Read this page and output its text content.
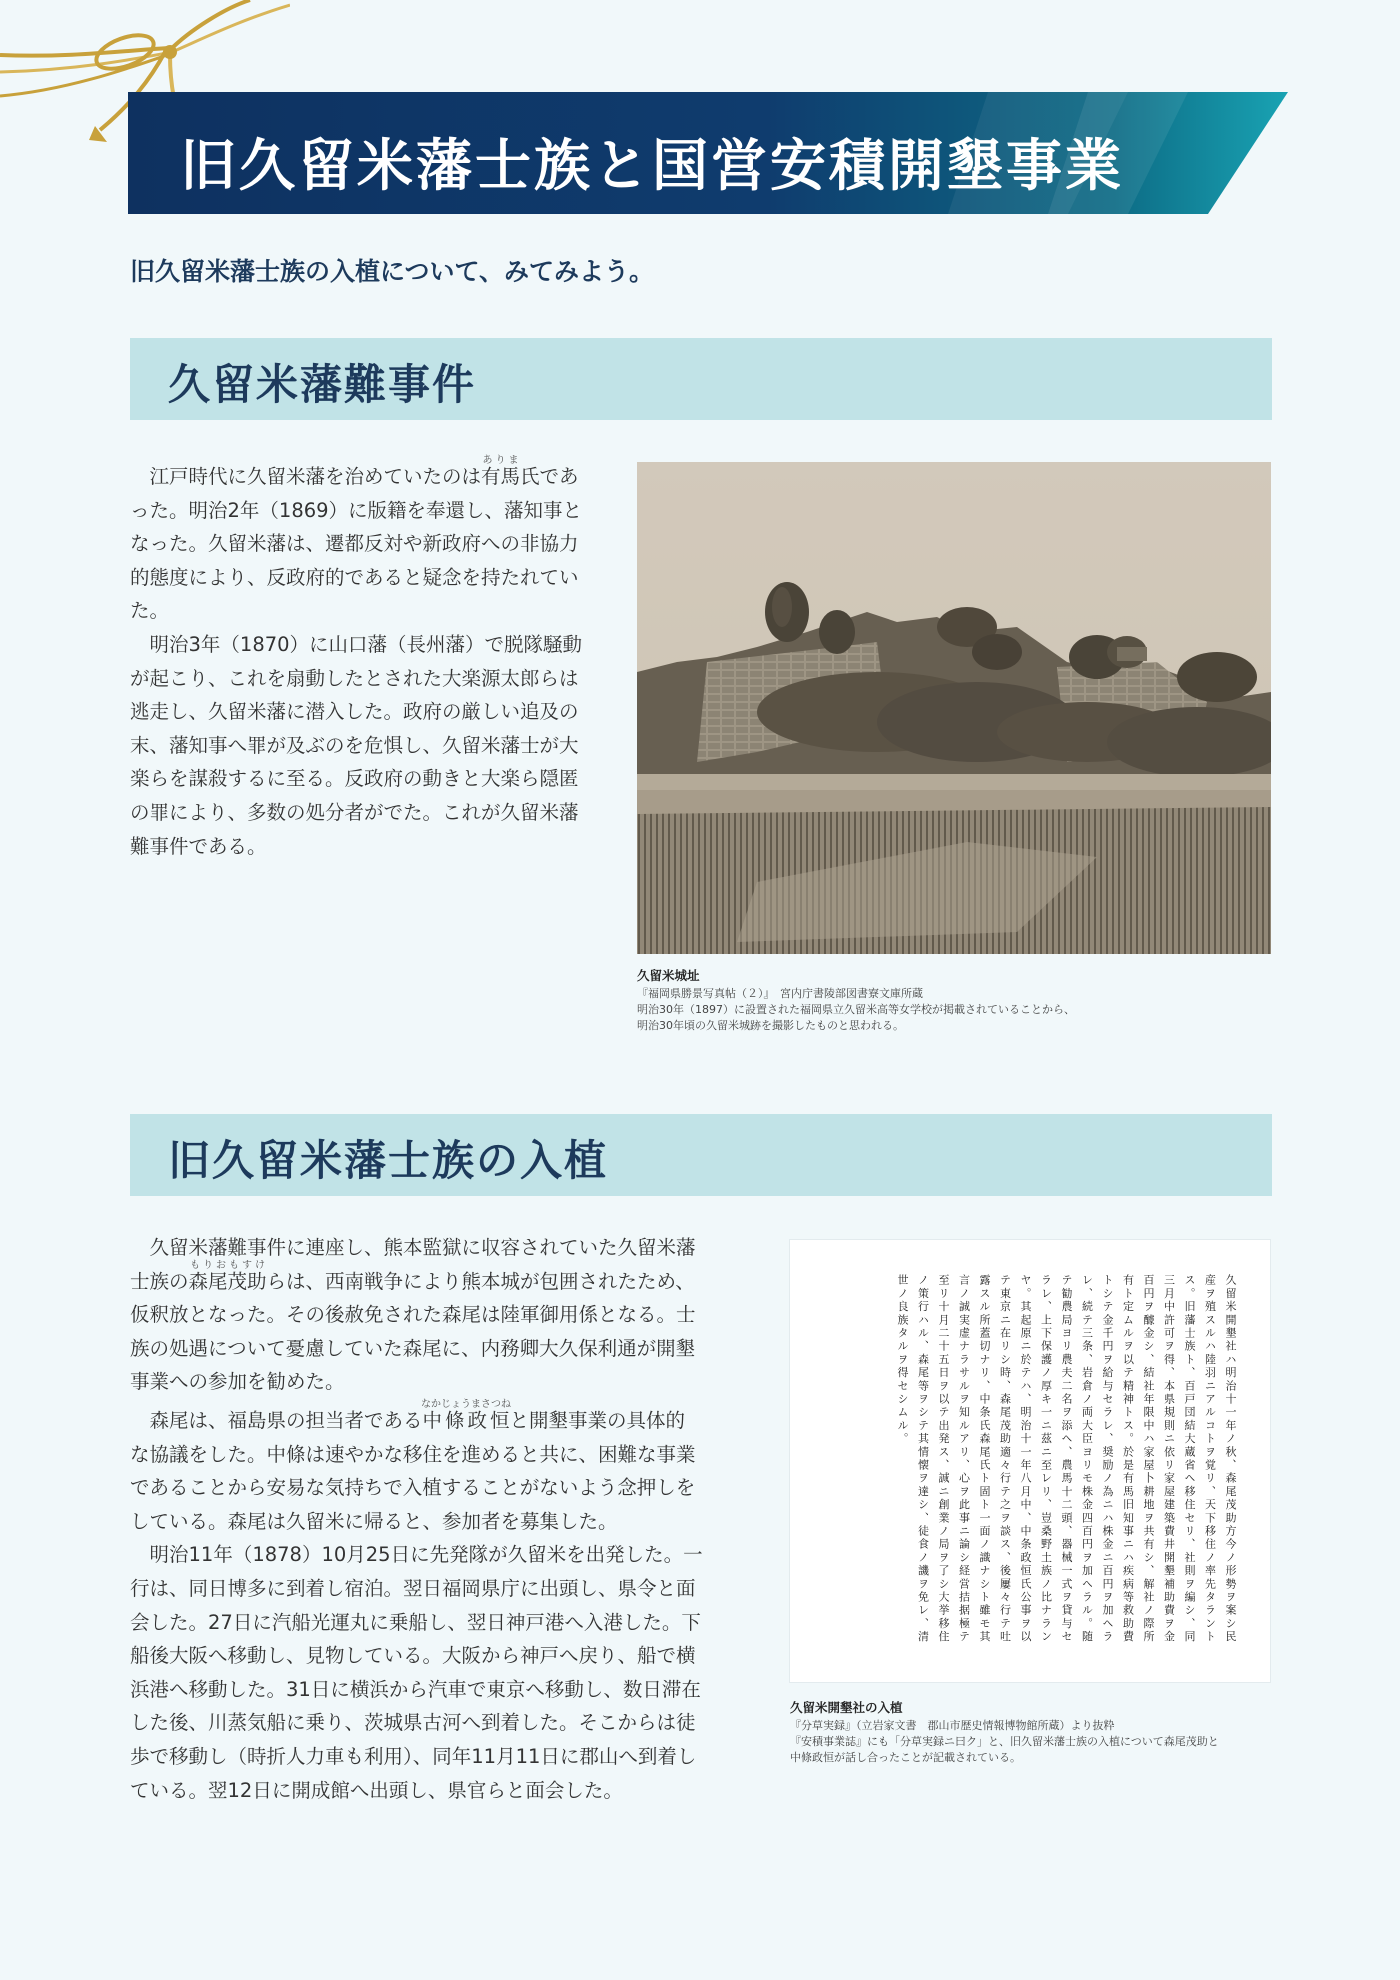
旧久留米藩士族と国営安積開墾事業
旧久留米藩士族の入植について、みてみよう。
久留米藩難事件

江戸時代に久留米藩を治めていたのは有馬ありま氏であった。明治2年（1869）に版籍を奉還し、藩知事となった。久留米藩は、遷都反対や新政府への非協力的態度により、反政府的であると疑念を持たれていた。

明治3年（1870）に山口藩（長州藩）で脱隊騒動が起こり、これを扇動したとされた大楽源太郎らは逃走し、久留米藩に潜入した。政府の厳しい追及の末、藩知事へ罪が及ぶのを危惧し、久留米藩士が大楽らを謀殺するに至る。反政府の動きと大楽ら隠匿の罪により、多数の処分者がでた。これが久留米藩難事件である。

久留米城址
『福岡県勝景写真帖（２）』　宮内庁書陵部図書寮文庫所蔵
明治30年（1897）に設置された福岡県立久留米高等女学校が掲載されていることから、
明治30年頃の久留米城跡を撮影したものと思われる。
旧久留米藩士族の入植

久留米藩難事件に連座し、熊本監獄に収容されていた久留米藩士族の森尾茂助もりおもすけらは、西南戦争により熊本城が包囲されたため、仮釈放となった。その後赦免された森尾は陸軍御用係となる。士族の処遇について憂慮していた森尾に、内務卿大久保利通が開墾事業への参加を勧めた。

森尾は、福島県の担当者である中條政恒なかじょうまさつねと開墾事業の具体的な協議をした。中條は速やかな移住を進めると共に、困難な事業であることから安易な気持ちで入植することがないよう念押しをしている。森尾は久留米に帰ると、参加者を募集した。

明治11年（1878）10月25日に先発隊が久留米を出発した。一行は、同日博多に到着し宿泊。翌日福岡県庁に出頭し、県令と面会した。27日に汽船光運丸に乗船し、翌日神戸港へ入港した。下船後大阪へ移動し、見物している。大阪から神戸へ戻り、船で横浜港へ移動した。31日に横浜から汽車で東京へ移動し、数日滞在した後、川蒸気船に乗り、茨城県古河へ到着した。そこからは徒歩で移動し（時折人力車も利用）、同年11月11日に郡山へ到着している。翌12日に開成館へ出頭し、県官らと面会した。

久留米開墾社ハ明治十一年ノ秋、森尾茂助方今ノ形勢ヲ案シ民産ヲ殖スルハ陸羽ニアルコトヲ覚リ、天下移住ノ率先タラントス。旧藩士族ト、百戸団結大蔵省ヘ移住セリ、社則ヲ編シ、同三月中許可ヲ得、本県規則ニ依リ家屋建築費井開墾補助費ヲ金百円ヲ醵金シ、結社年限中ハ家屋卜耕地ヲ共有シ、解社ノ際所有ト定ムルヲ以テ精神トス。於是有馬旧知事ニハ疾病等救助費トシテ金千円ヲ給与セラレ、奨励ノ為ニハ株金ニ百円ヲ加ヘラレ、続テ三条、岩倉ノ両大臣ヨリモ株金四百円ヲ加ヘラル。随テ勧農局ヨリ農夫二名ヲ添ヘ、農馬十二頭、器械一式ヲ貸与セラレ、上下保護ノ厚キ一ニ茲ニ至レリ、豈桑野土族ノ比ナランヤ。其起原ニ於テハ、明治十一年八月中、中条政恒氏公事ヲ以テ東京ニ在リシ時、森尾茂助適々行テ之ヲ談ス、後屢々行テ吐露スル所蓋切ナリ、中条氏森尾氏ト固ト一面ノ識ナシト雖モ其言ノ誠実虚ナラサルヲ知ルアリ、心ヲ此事ニ論シ経営拮据極テ至リ十月二十五日ヲ以テ出発ス、誠ニ創業ノ局ヲ了シ大挙移住ノ策行ハル、森尾等ヲシテ其情懐ヲ達シ、徒食ノ譏ヲ免レ、清世ノ良族タルヲ得セシムル。
久留米開墾社の入植
『分草実録』（立岩家文書　郡山市歴史情報博物館所蔵）より抜粋
『安積事業誌』にも「分草実録ニ曰ク」と、旧久留米藩士族の入植について森尾茂助と
中條政恒が話し合ったことが記載されている。
